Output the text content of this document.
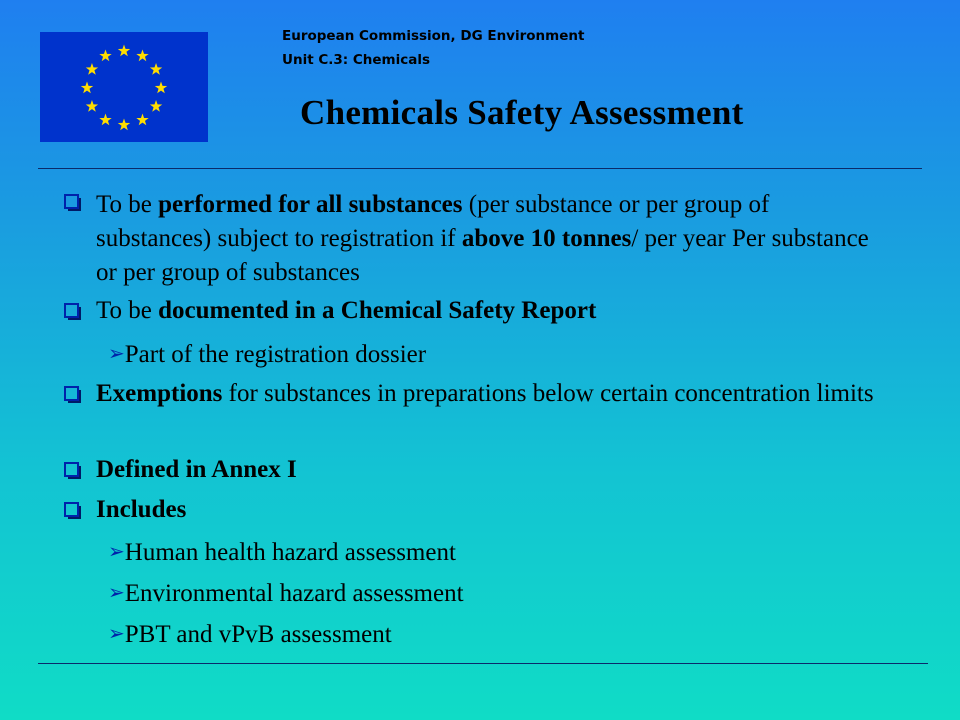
European Commission, DG Environment
Unit C.3: Chemicals
Chemicals Safety Assessment
To be performed for all substances (per substance or per group of substances) subject to registration if above 10 tonnes/ per year Per substance or per group of substances
To be documented in a Chemical Safety Report
➢Part of the registration dossier
Exemptions for substances in preparations below certain concentration limits
Defined in Annex I
Includes
➢Human health hazard assessment
➢Environmental hazard assessment
➢PBT and vPvB assessment
